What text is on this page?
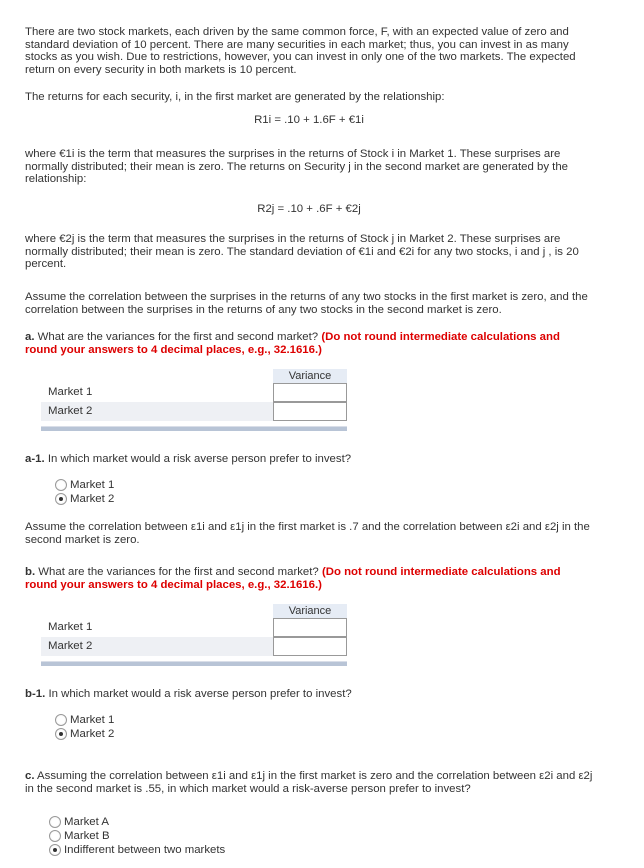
There are two stock markets, each driven by the same common force, F, with an expected value of zero and standard deviation of 10 percent. There are many securities in each market; thus, you can invest in as many stocks as you wish. Due to restrictions, however, you can invest in only one of the two markets. The expected return on every security in both markets is 10 percent.

The returns for each security, i, in the first market are generated by the relationship:

R1i = .10 + 1.6F + €1i

where €1i is the term that measures the surprises in the returns of Stock i in Market 1. These surprises are normally distributed; their mean is zero. The returns on Security j in the second market are generated by the relationship:

R2j = .10 + .6F + €2j

where €2j is the term that measures the surprises in the returns of Stock j in Market 2. These surprises are normally distributed; their mean is zero. The standard deviation of €1i and €2i for any two stocks, i and j , is 20 percent.

Assume the correlation between the surprises in the returns of any two stocks in the first market is zero, and the correlation between the surprises in the returns of any two stocks in the second market is zero.

a. What are the variances for the first and second market? (Do not round intermediate calculations and round your answers to 4 decimal places, e.g., 32.1616.)

Variance
Market 1
Market 2

a-1. In which market would a risk averse person prefer to invest?

Market 1
Market 2

Assume the correlation between ε1i and ε1j in the first market is .7 and the correlation between ε2i and ε2j in the second market is zero.

b. What are the variances for the first and second market? (Do not round intermediate calculations and round your answers to 4 decimal places, e.g., 32.1616.)

Variance
Market 1
Market 2

b-1. In which market would a risk averse person prefer to invest?

Market 1
Market 2

c. Assuming the correlation between ε1i and ε1j in the first market is zero and the correlation between ε2i and ε2j in the second market is .55, in which market would a risk-averse person prefer to invest?

Market A
Market B
Indifferent between two markets
